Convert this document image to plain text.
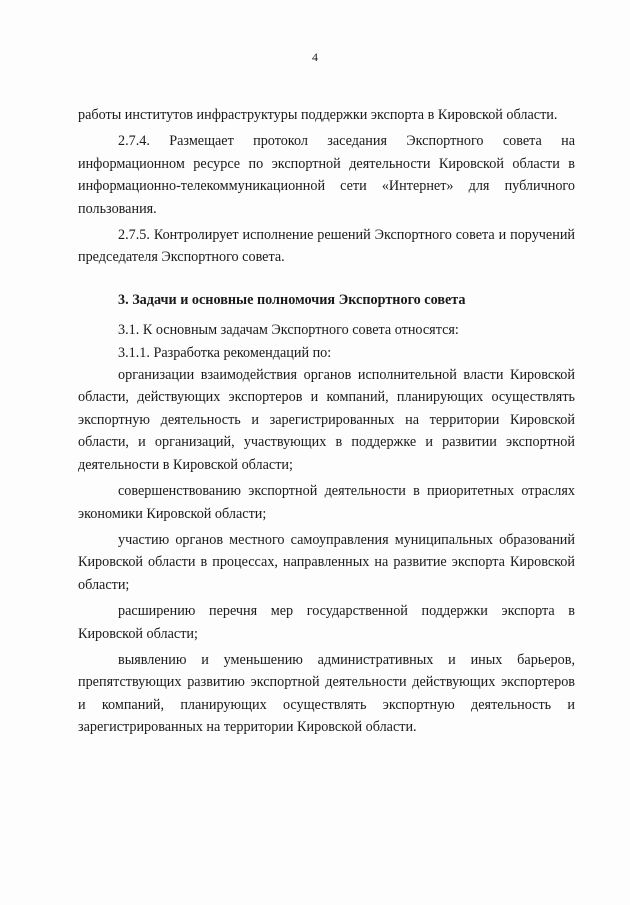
4

работы институтов инфраструктуры поддержки экспорта в Кировской области.

2.7.4. Размещает протокол заседания Экспортного совета на информационном ресурсе по экспортной деятельности Кировской области в информационно-телекоммуникационной сети «Интернет» для публичного пользования.

2.7.5. Контролирует исполнение решений Экспортного совета и поручений председателя Экспортного совета.

3. Задачи и основные полномочия Экспортного совета

3.1. К основным задачам Экспортного совета относятся:

3.1.1. Разработка рекомендаций по:

организации взаимодействия органов исполнительной власти Кировской области, действующих экспортеров и компаний, планирующих осуществлять экспортную деятельность и зарегистрированных на территории Кировской области, и организаций, участвующих в поддержке и развитии экспортной деятельности в Кировской области;

совершенствованию экспортной деятельности в приоритетных отраслях экономики Кировской области;

участию органов местного самоуправления муниципальных образований Кировской области в процессах, направленных на развитие экспорта Кировской области;

расширению перечня мер государственной поддержки экспорта в Кировской области;

выявлению и уменьшению административных и иных барьеров, препятствующих развитию экспортной деятельности действующих экспортеров и компаний, планирующих осуществлять экспортную деятельность и зарегистрированных на территории Кировской области.
